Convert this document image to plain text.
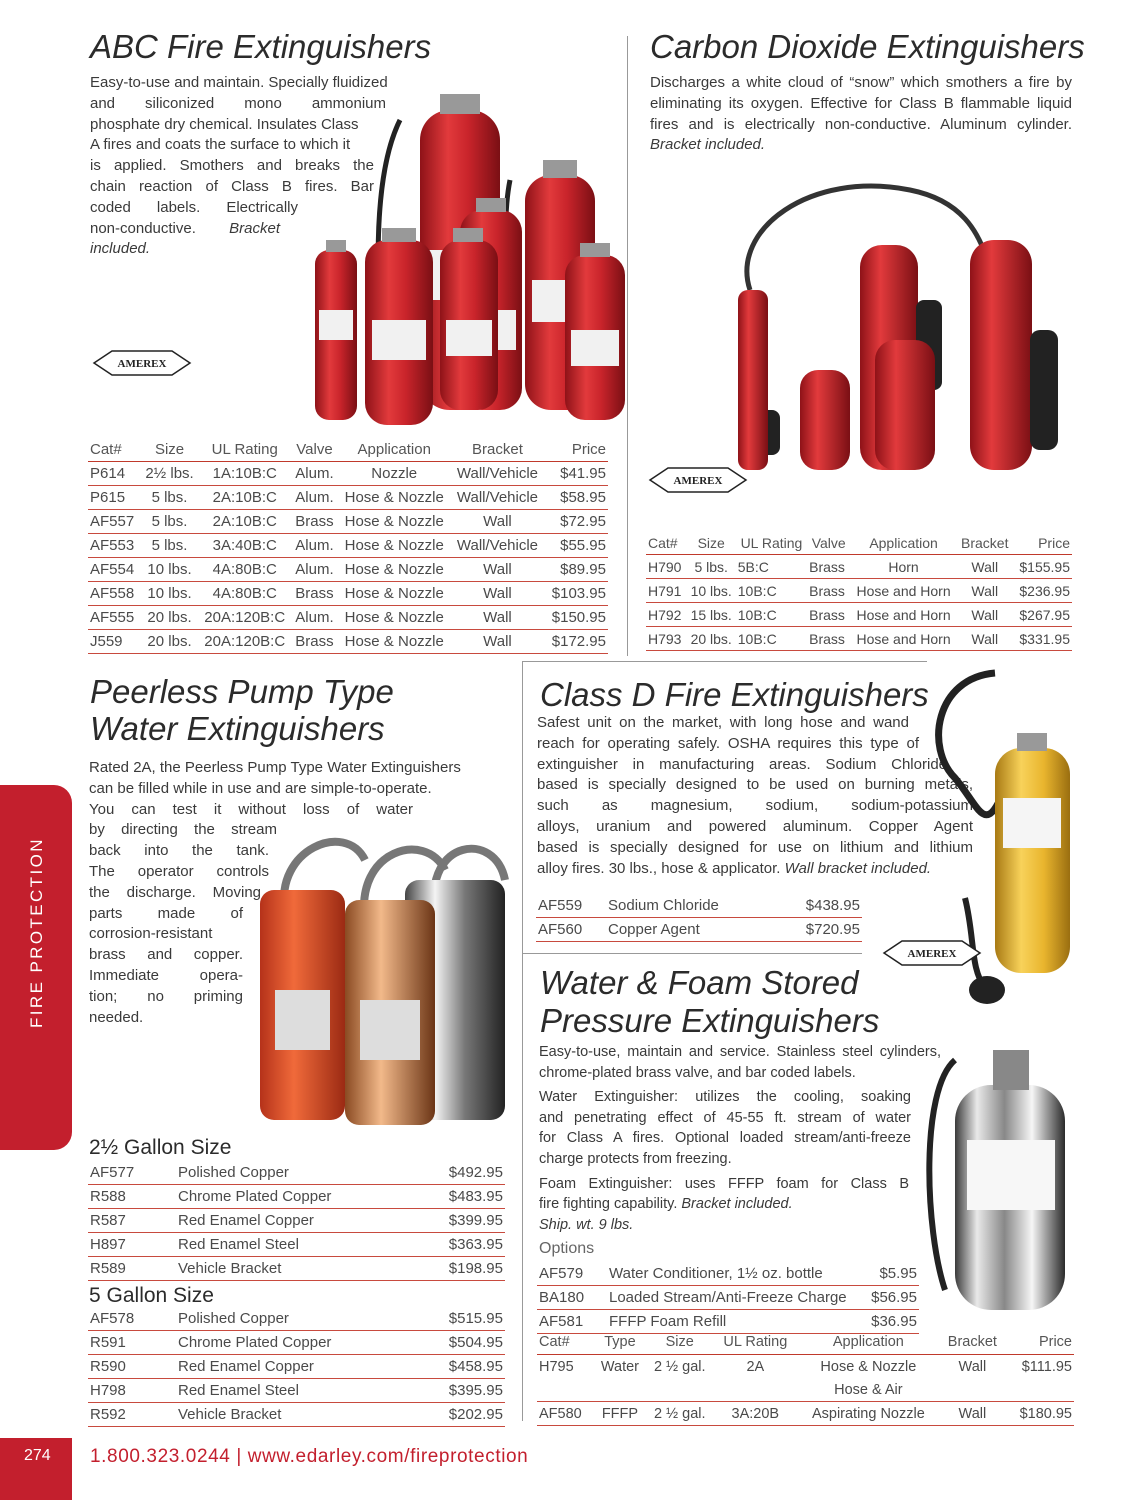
ABC Fire Extinguishers

Easy-to-use and maintain. Specially fluidized

and siliconized mono ammonium

phosphate dry chemical. Insulates Class

A fires and coats the surface to which it

is applied. Smothers and breaks the

chain reaction of Class B fires. Bar

coded labels. Electrically

non-conductive. Bracket included.

AMEREX
Cat#	Size	UL Rating	Valve	Application	Bracket	Price
P614	2½ lbs.	1A:10B:C	Alum.	Nozzle	Wall/Vehicle	$41.95
P615	5 lbs.	2A:10B:C	Alum.	Hose & Nozzle	Wall/Vehicle	$58.95
AF557	5 lbs.	2A:10B:C	Brass	Hose & Nozzle	Wall	$72.95
AF553	5 lbs.	3A:40B:C	Alum.	Hose & Nozzle	Wall/Vehicle	$55.95
AF554	10 lbs.	4A:80B:C	Alum.	Hose & Nozzle	Wall	$89.95
AF558	10 lbs.	4A:80B:C	Brass	Hose & Nozzle	Wall	$103.95
AF555	20 lbs.	20A:120B:C	Alum.	Hose & Nozzle	Wall	$150.95
J559	20 lbs.	20A:120B:C	Brass	Hose & Nozzle	Wall	$172.95
Carbon Dioxide Extinguishers
Discharges a white cloud of “snow” which smothers a fire by eliminating its oxygen. Effective for Class B flammable liquid fires and is electrically non-conductive. Aluminum cylinder. Bracket included.
AMEREX
Cat#	Size	UL Rating	Valve	Application	Bracket	Price
H790	5 lbs.	5B:C	Brass	Horn	Wall	$155.95
H791	10 lbs.	10B:C	Brass	Hose and Horn	Wall	$236.95
H792	15 lbs.	10B:C	Brass	Hose and Horn	Wall	$267.95
H793	20 lbs.	10B:C	Brass	Hose and Horn	Wall	$331.95
Peerless Pump Type
Water Extinguishers

Rated 2A, the Peerless Pump Type Water Extinguishers

can be filled while in use and are simple-to-operate.

You can test it without loss of water

by directing the stream

back into the tank.

The operator controls

the discharge. Moving

parts made of

corrosion-resistant

brass and copper.

Immediate opera-

tion; no priming

needed.

2½ Gallon Size
AF577	Polished Copper	$492.95
R588	Chrome Plated Copper	$483.95
R587	Red Enamel Copper	$399.95
H897	Red Enamel Steel	$363.95
R589	Vehicle Bracket	$198.95
5 Gallon Size
AF578	Polished Copper	$515.95
R591	Chrome Plated Copper	$504.95
R590	Red Enamel Copper	$458.95
H798	Red Enamel Steel	$395.95
R592	Vehicle Bracket	$202.95
Class D Fire Extinguishers

Safest unit on the market, with long hose and wand

reach for operating safely. OSHA requires this type of

extinguisher in manufacturing areas. Sodium Chloride

based is specially designed to be used on burning metals,

such as magnesium, sodium, sodium-potassium

alloys, uranium and powered aluminum. Copper Agent

based is specially designed for use on lithium and lithium

alloy fires. 30 lbs., hose & applicator. Wall bracket included.

AMEREX
AF559	Sodium Chloride	$438.95
AF560	Copper Agent	$720.95
Water & Foam Stored
Pressure Extinguishers

Easy-to-use, maintain and service. Stainless steel cylinders,

chrome-plated brass valve, and bar coded labels.

Water Extinguisher: utilizes the cooling, soaking

and penetrating effect of 45-55 ft. stream of water

for Class A fires. Optional loaded stream/anti-freeze

charge protects from freezing.

Foam Extinguisher: uses FFFP foam for Class B

fire fighting capability. Bracket included.

Ship. wt. 9 lbs.

Options
AF579	Water Conditioner, 1½ oz. bottle	$5.95
BA180	Loaded Stream/Anti-Freeze Charge	$56.95
AF581	FFFP Foam Refill	$36.95
Cat#	Type	Size	UL Rating	Application	Bracket	Price
H795	Water	2 ½ gal.	2A	Hose & Nozzle	Wall	$111.95
				Hose & Air		
AF580	FFFP	2 ½ gal.	3A:20B	Aspirating Nozzle	Wall	$180.95
FIRE PROTECTION
274 1.800.323.0244 | www.edarley.com/fireprotection
